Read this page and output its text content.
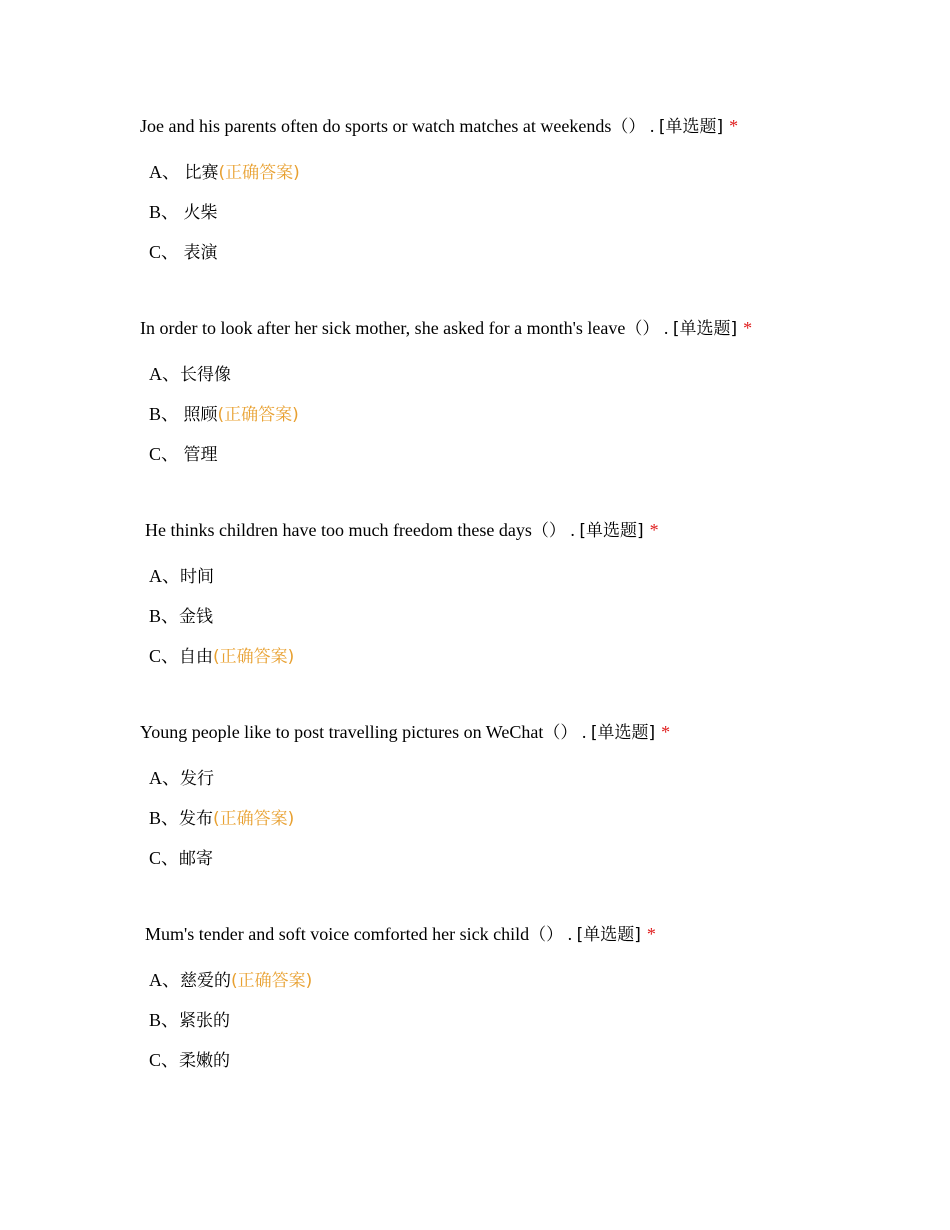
Joe and his parents often do sports or watch matches at weekends（） . [单选题] *
A、 比赛(正确答案)
B、 火柴
C、 表演
In order to look after her sick mother, she asked for a month's leave（） . [单选题] *
A、长得像
B、 照顾(正确答案)
C、 管理
He thinks children have too much freedom these days（） . [单选题] *
A、时间
B、金钱
C、自由(正确答案)
Young people like to post travelling pictures on WeChat（） . [单选题] *
A、发行
B、发布(正确答案)
C、邮寄
Mum's tender and soft voice comforted her sick child（） . [单选题] *
A、慈爱的(正确答案)
B、紧张的
C、柔嫩的
